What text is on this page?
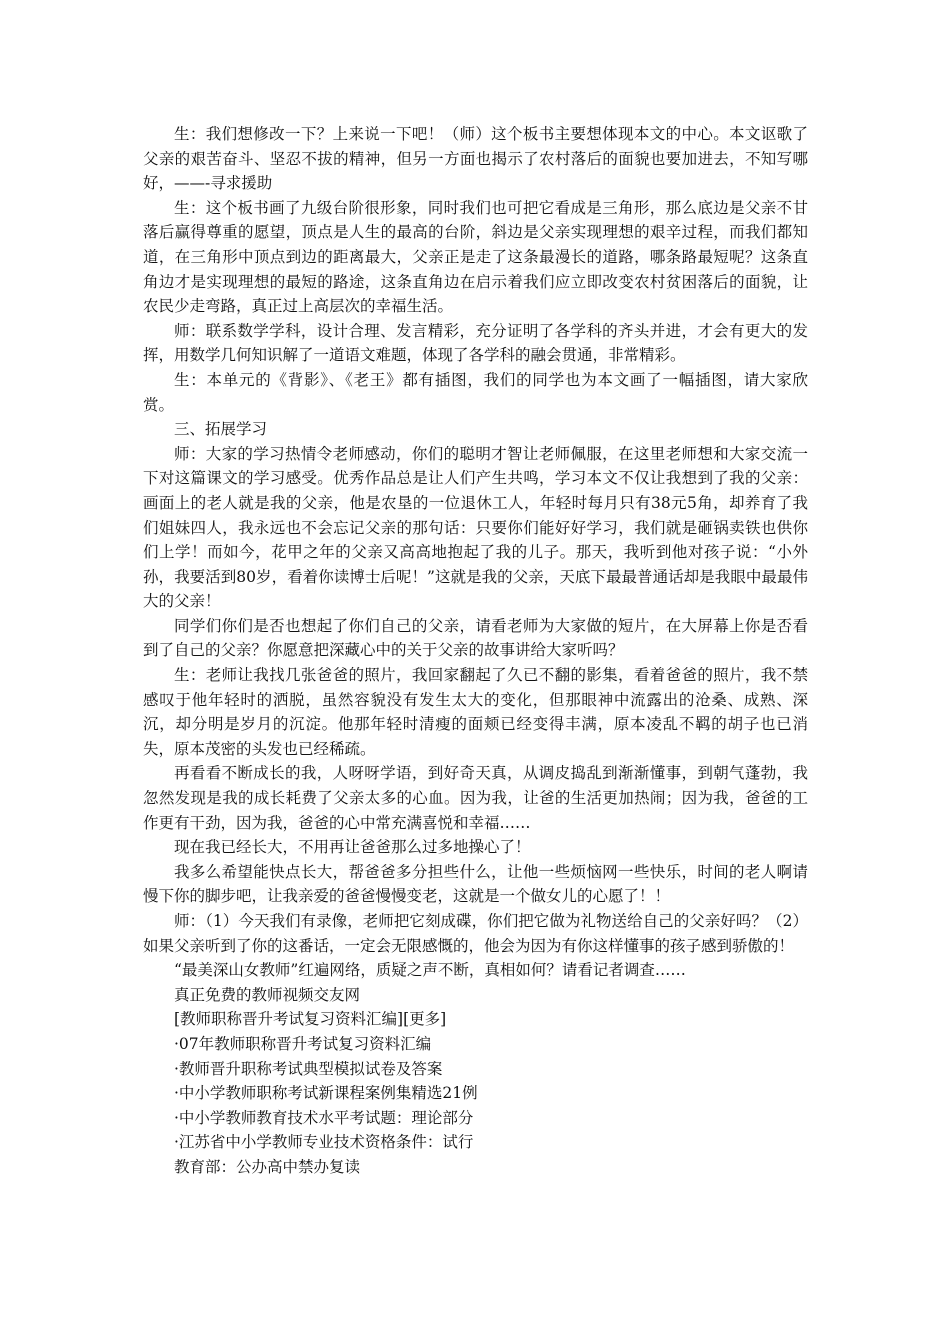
生：我们想修改一下？上来说一下吧！（师）这个板书主要想体现本文的中心。本文讴歌了父亲的艰苦奋斗、坚忍不拔的精神，但另一方面也揭示了农村落后的面貌也要加进去，不知写哪好，——-寻求援助

生：这个板书画了九级台阶很形象，同时我们也可把它看成是三角形，那么底边是父亲不甘落后赢得尊重的愿望，顶点是人生的最高的台阶，斜边是父亲实现理想的艰辛过程，而我们都知道，在三角形中顶点到边的距离最大，父亲正是走了这条最漫长的道路，哪条路最短呢？这条直角边才是实现理想的最短的路途，这条直角边在启示着我们应立即改变农村贫困落后的面貌，让农民少走弯路，真正过上高层次的幸福生活。

师：联系数学学科，设计合理、发言精彩，充分证明了各学科的齐头并进，才会有更大的发挥，用数学几何知识解了一道语文难题，体现了各学科的融会贯通，非常精彩。

生：本单元的《背影》、《老王》都有插图，我们的同学也为本文画了一幅插图，请大家欣赏。

三、拓展学习

师：大家的学习热情令老师感动，你们的聪明才智让老师佩服，在这里老师想和大家交流一下对这篇课文的学习感受。优秀作品总是让人们产生共鸣，学习本文不仅让我想到了我的父亲：画面上的老人就是我的父亲，他是农垦的一位退休工人，年轻时每月只有38元5角，却养育了我们姐妹四人，我永远也不会忘记父亲的那句话：只要你们能好好学习，我们就是砸锅卖铁也供你们上学！而如今，花甲之年的父亲又高高地抱起了我的儿子。那天，我听到他对孩子说：“小外孙，我要活到80岁，看着你读博士后呢！”这就是我的父亲，天底下最最普通话却是我眼中最最伟大的父亲！

同学们你们是否也想起了你们自己的父亲，请看老师为大家做的短片，在大屏幕上你是否看到了自己的父亲？你愿意把深藏心中的关于父亲的故事讲给大家听吗？

生：老师让我找几张爸爸的照片，我回家翻起了久已不翻的影集，看着爸爸的照片，我不禁感叹于他年轻时的洒脱，虽然容貌没有发生太大的变化，但那眼神中流露出的沧桑、成熟、深沉，却分明是岁月的沉淀。他那年轻时清瘦的面颊已经变得丰满，原本凌乱不羁的胡子也已消失，原本茂密的头发也已经稀疏。

再看看不断成长的我，人呀呀学语，到好奇天真，从调皮捣乱到渐渐懂事，到朝气蓬勃，我忽然发现是我的成长耗费了父亲太多的心血。因为我，让爸的生活更加热闹；因为我，爸爸的工作更有干劲，因为我，爸爸的心中常充满喜悦和幸福……

现在我已经长大，不用再让爸爸那么过多地操心了！

我多么希望能快点长大，帮爸爸多分担些什么，让他一些烦恼网一些快乐，时间的老人啊请慢下你的脚步吧，让我亲爱的爸爸慢慢变老，这就是一个做女儿的心愿了！！

师：（1）今天我们有录像，老师把它刻成碟，你们把它做为礼物送给自己的父亲好吗？（2）如果父亲听到了你的这番话，一定会无限感慨的，他会为因为有你这样懂事的孩子感到骄傲的！

“最美深山女教师”红遍网络，质疑之声不断，真相如何？请看记者调查……

真正免费的教师视频交友网

[教师职称晋升考试复习资料汇编][更多]

·07年教师职称晋升考试复习资料汇编

·教师晋升职称考试典型模拟试卷及答案

·中小学教师职称考试新课程案例集精选21例

·中小学教师教育技术水平考试题：理论部分

·江苏省中小学教师专业技术资格条件：试行

教育部：公办高中禁办复读
